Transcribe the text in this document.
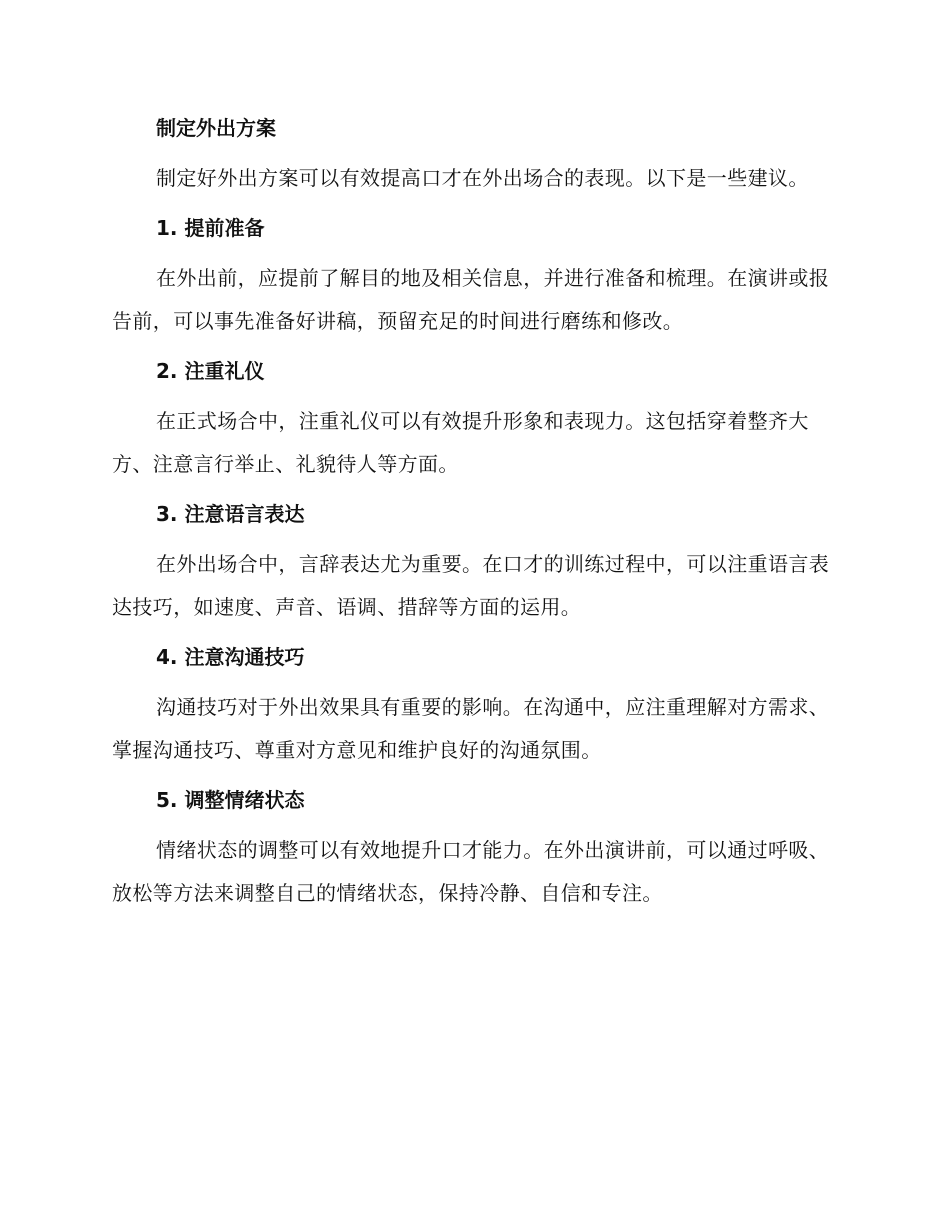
制定外出方案

制定好外出方案可以有效提高口才在外出场合的表现。以下是一些建议。

1. 提前准备

在外出前，应提前了解目的地及相关信息，并进行准备和梳理。在演讲或报告前，可以事先准备好讲稿，预留充足的时间进行磨练和修改。

2. 注重礼仪

在正式场合中，注重礼仪可以有效提升形象和表现力。这包括穿着整齐大方、注意言行举止、礼貌待人等方面。

3. 注意语言表达

在外出场合中，言辞表达尤为重要。在口才的训练过程中，可以注重语言表达技巧，如速度、声音、语调、措辞等方面的运用。

4. 注意沟通技巧

沟通技巧对于外出效果具有重要的影响。在沟通中，应注重理解对方需求、掌握沟通技巧、尊重对方意见和维护良好的沟通氛围。

5. 调整情绪状态

情绪状态的调整可以有效地提升口才能力。在外出演讲前，可以通过呼吸、放松等方法来调整自己的情绪状态，保持冷静、自信和专注。
